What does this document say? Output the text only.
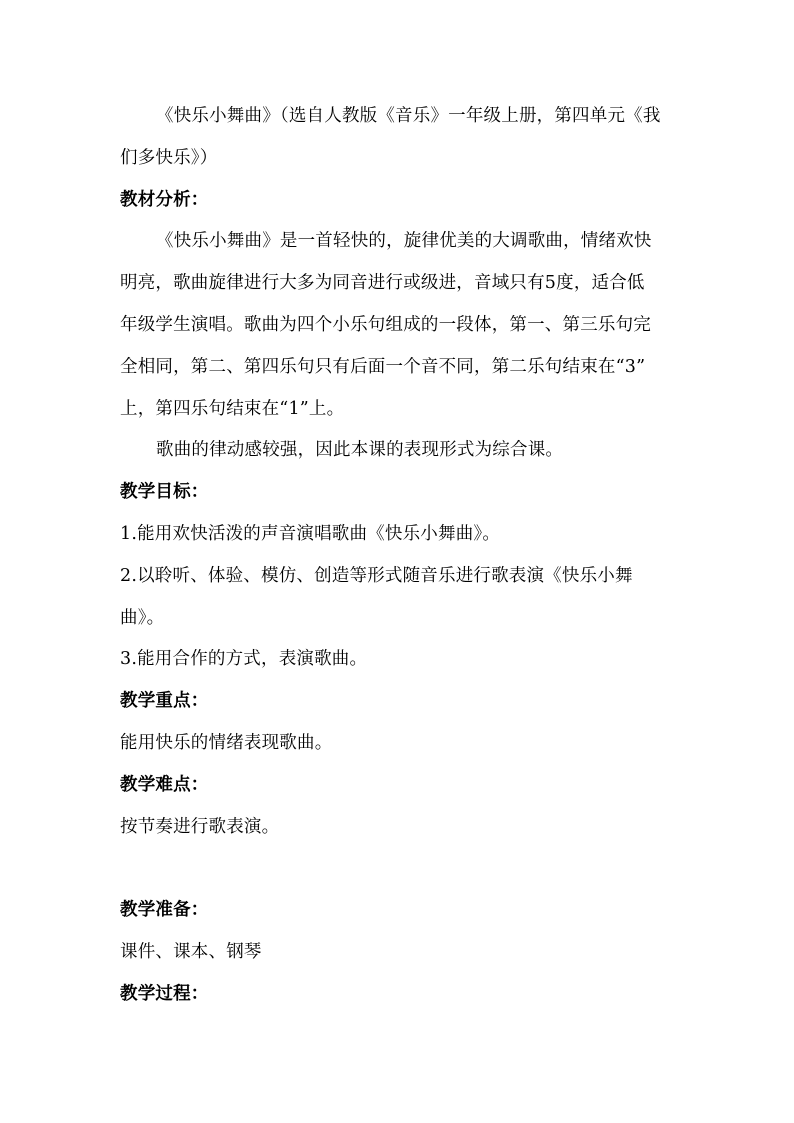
《快乐小舞曲》（选自人教版《音乐》一年级上册，第四单元《我
们多快乐》）
教材分析：
《快乐小舞曲》是一首轻快的，旋律优美的大调歌曲，情绪欢快
明亮，歌曲旋律进行大多为同音进行或级进，音域只有5度，适合低
年级学生演唱。歌曲为四个小乐句组成的一段体，第一、第三乐句完
全相同，第二、第四乐句只有后面一个音不同，第二乐句结束在“3”
上，第四乐句结束在“1”上。
歌曲的律动感较强，因此本课的表现形式为综合课。
教学目标：
1.能用欢快活泼的声音演唱歌曲《快乐小舞曲》。
2.以聆听、体验、模仿、创造等形式随音乐进行歌表演《快乐小舞
曲》。
3.能用合作的方式，表演歌曲。
教学重点：
能用快乐的情绪表现歌曲。
教学难点：
按节奏进行歌表演。
教学准备：
课件、课本、钢琴
教学过程：
